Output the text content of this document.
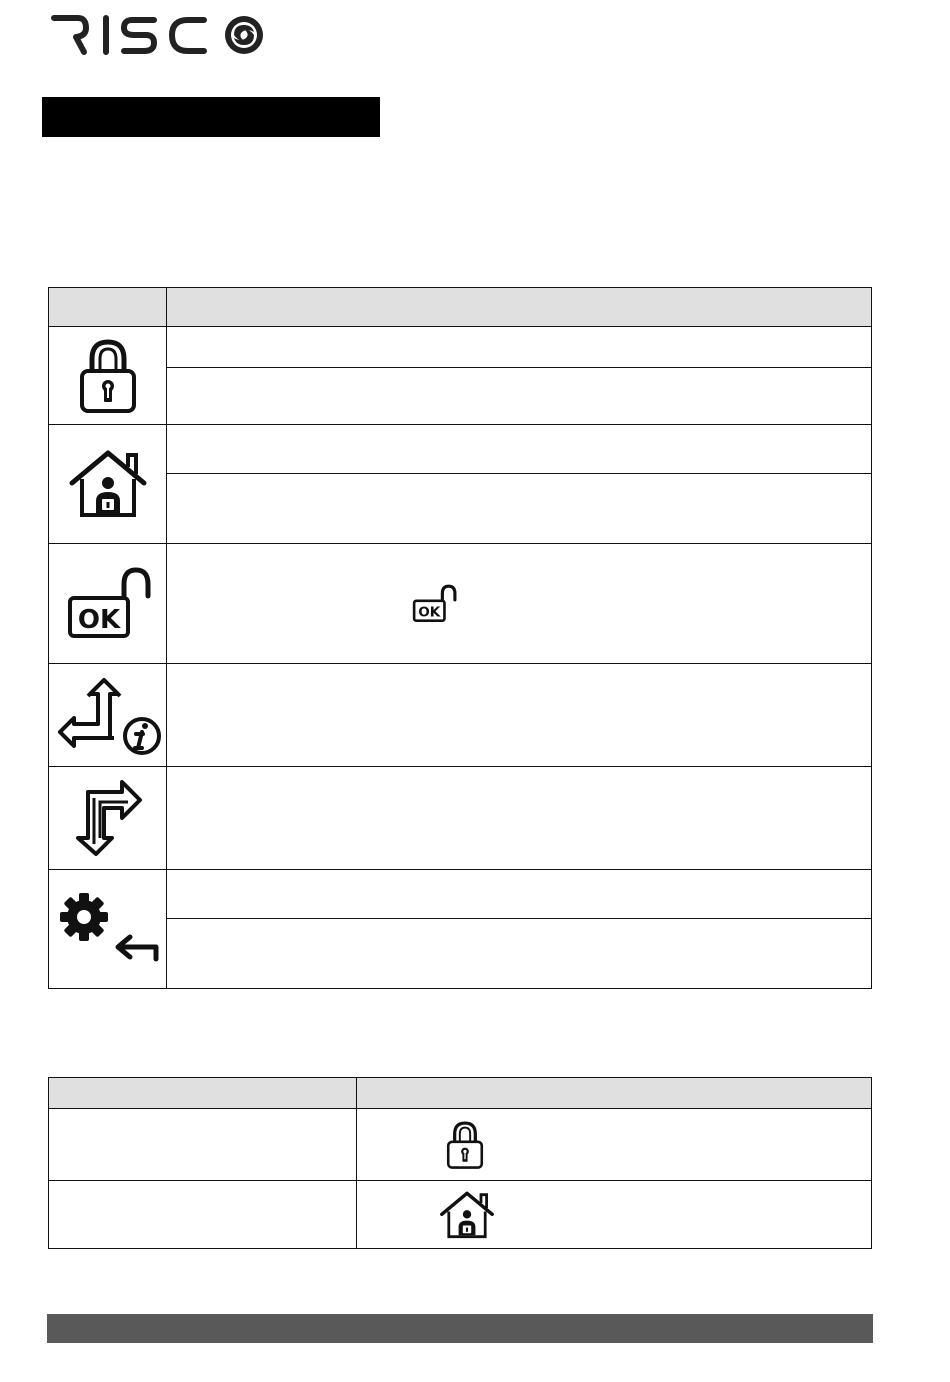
RISCO

OK	OK
